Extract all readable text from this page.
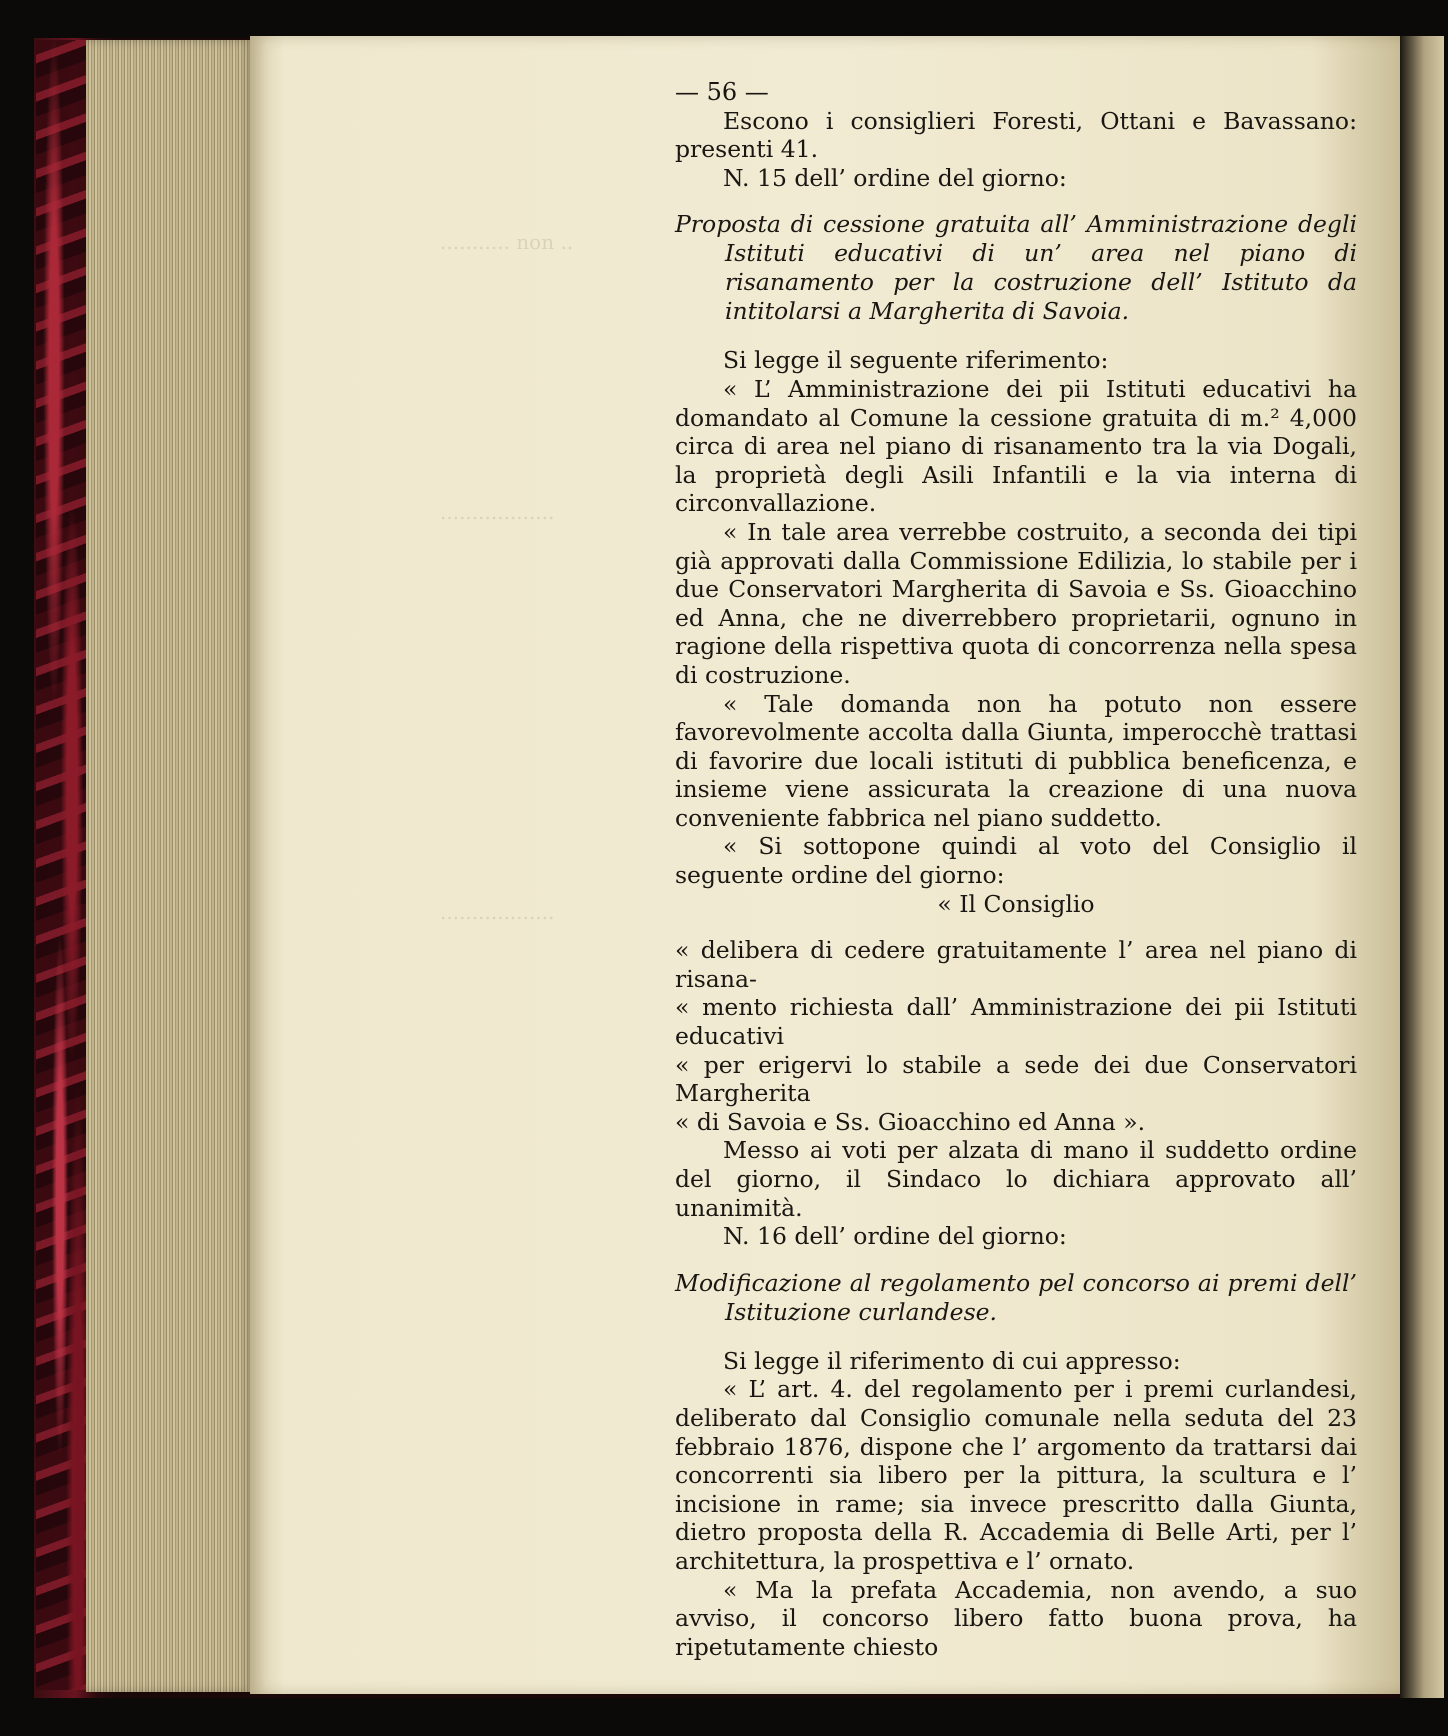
........... non ..
..................
..................

— 56 —

Escono i consiglieri Foresti, Ottani e Bavassano: presenti 41.

N. 15 dell’ ordine del giorno:

Proposta di cessione gratuita all’ Amministrazione degli Istituti educativi di un’ area nel piano di risanamento per la costruzione dell’ Istituto da intitolarsi a Margherita di Savoia.

Si legge il seguente riferimento:

« L’ Amministrazione dei pii Istituti educativi ha domandato al Comune la cessione gratuita di m.² 4,000 circa di area nel piano di risanamento tra la via Dogali, la proprietà degli Asili Infantili e la via interna di circonvallazione.

« In tale area verrebbe costruito, a seconda dei tipi già approvati dalla Commissione Edilizia, lo stabile per i due Conservatori Margherita di Savoia e Ss. Gioacchino ed Anna, che ne diverrebbero proprietarii, ognuno in ragione della rispettiva quota di concorrenza nella spesa di costruzione.

« Tale domanda non ha potuto non essere favorevolmente accolta dalla Giunta, imperocchè trattasi di favorire due locali istituti di pubblica beneficenza, e insieme viene assicurata la creazione di una nuova conveniente fabbrica nel piano suddetto.

« Si sottopone quindi al voto del Consiglio il seguente ordine del giorno:

« Il Consiglio

« delibera di cedere gratuitamente l’ area nel piano di risana-

« mento richiesta dall’ Amministrazione dei pii Istituti educativi

« per erigervi lo stabile a sede dei due Conservatori Margherita

« di Savoia e Ss. Gioacchino ed Anna ».

Messo ai voti per alzata di mano il suddetto ordine del giorno, il Sindaco lo dichiara approvato all’ unanimità.

N. 16 dell’ ordine del giorno:

Modificazione al regolamento pel concorso ai premi dell’ Istituzione curlandese.

Si legge il riferimento di cui appresso:

« L’ art. 4. del regolamento per i premi curlandesi, deliberato dal Consiglio comunale nella seduta del 23 febbraio 1876, dispone che l’ argomento da trattarsi dai concorrenti sia libero per la pittura, la scultura e l’ incisione in rame; sia invece prescritto dalla Giunta, dietro proposta della R. Accademia di Belle Arti, per l’ architettura, la prospettiva e l’ ornato.

« Ma la prefata Accademia, non avendo, a suo avviso, il concorso libero fatto buona prova, ha ripetutamente chiesto
